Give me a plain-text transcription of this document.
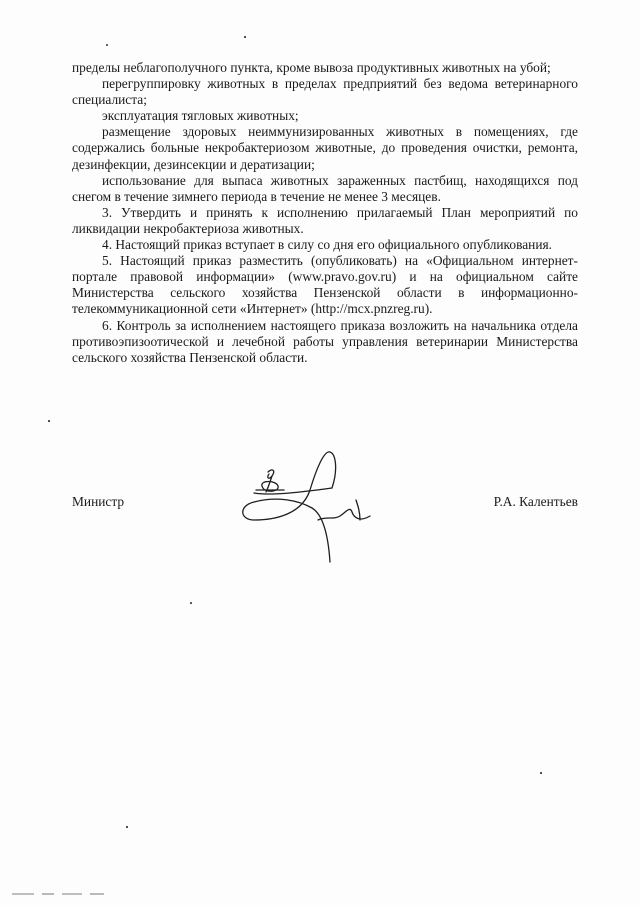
пределы неблагополучного пункта, кроме вывоза продуктивных животных на убой;

перегруппировку животных в пределах предприятий без ведома ветеринарного специалиста;

эксплуатация тягловых животных;

размещение здоровых неиммунизированных животных в помещениях, где содержались больные некробактериозом животные, до проведения очистки, ремонта, дезинфекции, дезинсекции и дератизации;

использование для выпаса животных зараженных пастбищ, находящихся под снегом в течение зимнего периода в течение не менее 3 месяцев.

3. Утвердить и принять к исполнению прилагаемый План мероприятий по ликвидации некробактериоза животных.

4. Настоящий приказ вступает в силу со дня его официального опубликования.

5. Настоящий приказ разместить (опубликовать) на «Официальном интернет-портале правовой информации» (www.pravo.gov.ru) и на официальном сайте Министерства сельского хозяйства Пензенской области в информационно-телекоммуникационной сети «Интернет» (http://mcx.pnzreg.ru).

6. Контроль за исполнением настоящего приказа возложить на начальника отдела противоэпизоотической и лечебной работы управления ветеринарии Министерства сельского хозяйства Пензенской области.

Министр	Р.А. Калентьев
